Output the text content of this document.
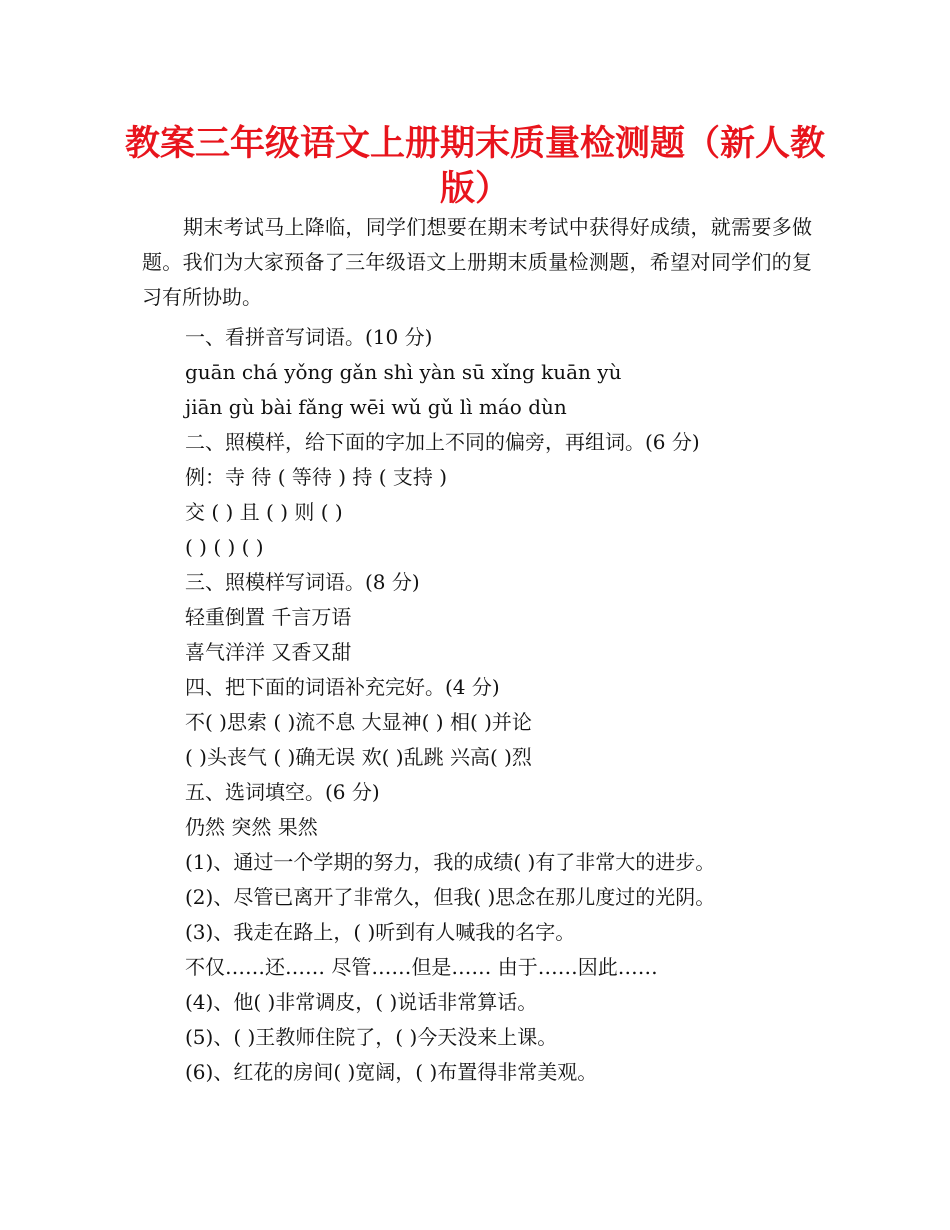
教案三年级语文上册期末质量检测题（新人教版）
期末考试马上降临，同学们想要在期末考试中获得好成绩，就需要多做题。我们为大家预备了三年级语文上册期末质量检测题，希望对同学们的复习有所协助。
一、看拼音写词语。(10 分)
guān chá yǒng gǎn shì yàn sū xǐng kuān yù
jiān gù bài fǎng wēi wǔ gǔ lì máo dùn
二、照模样，给下面的字加上不同的偏旁，再组词。(6 分)
例：寺 待 ( 等待 ) 持 ( 支持 )
交 ( ) 且 ( ) 则 ( )
( ) ( ) ( )
三、照模样写词语。(8 分)
轻重倒置 千言万语
喜气洋洋 又香又甜
四、把下面的词语补充完好。(4 分)
不( )思索 ( )流不息 大显神( ) 相( )并论
( )头丧气 ( )确无误 欢( )乱跳 兴高( )烈
五、选词填空。(6 分)
仍然 突然 果然
(1)、通过一个学期的努力，我的成绩( )有了非常大的进步。
(2)、尽管已离开了非常久，但我( )思念在那儿度过的光阴。
(3)、我走在路上，( )听到有人喊我的名字。
不仅……还…… 尽管……但是…… 由于……因此……
(4)、他( )非常调皮，( )说话非常算话。
(5)、( )王教师住院了，( )今天没来上课。
(6)、红花的房间( )宽阔，( )布置得非常美观。
